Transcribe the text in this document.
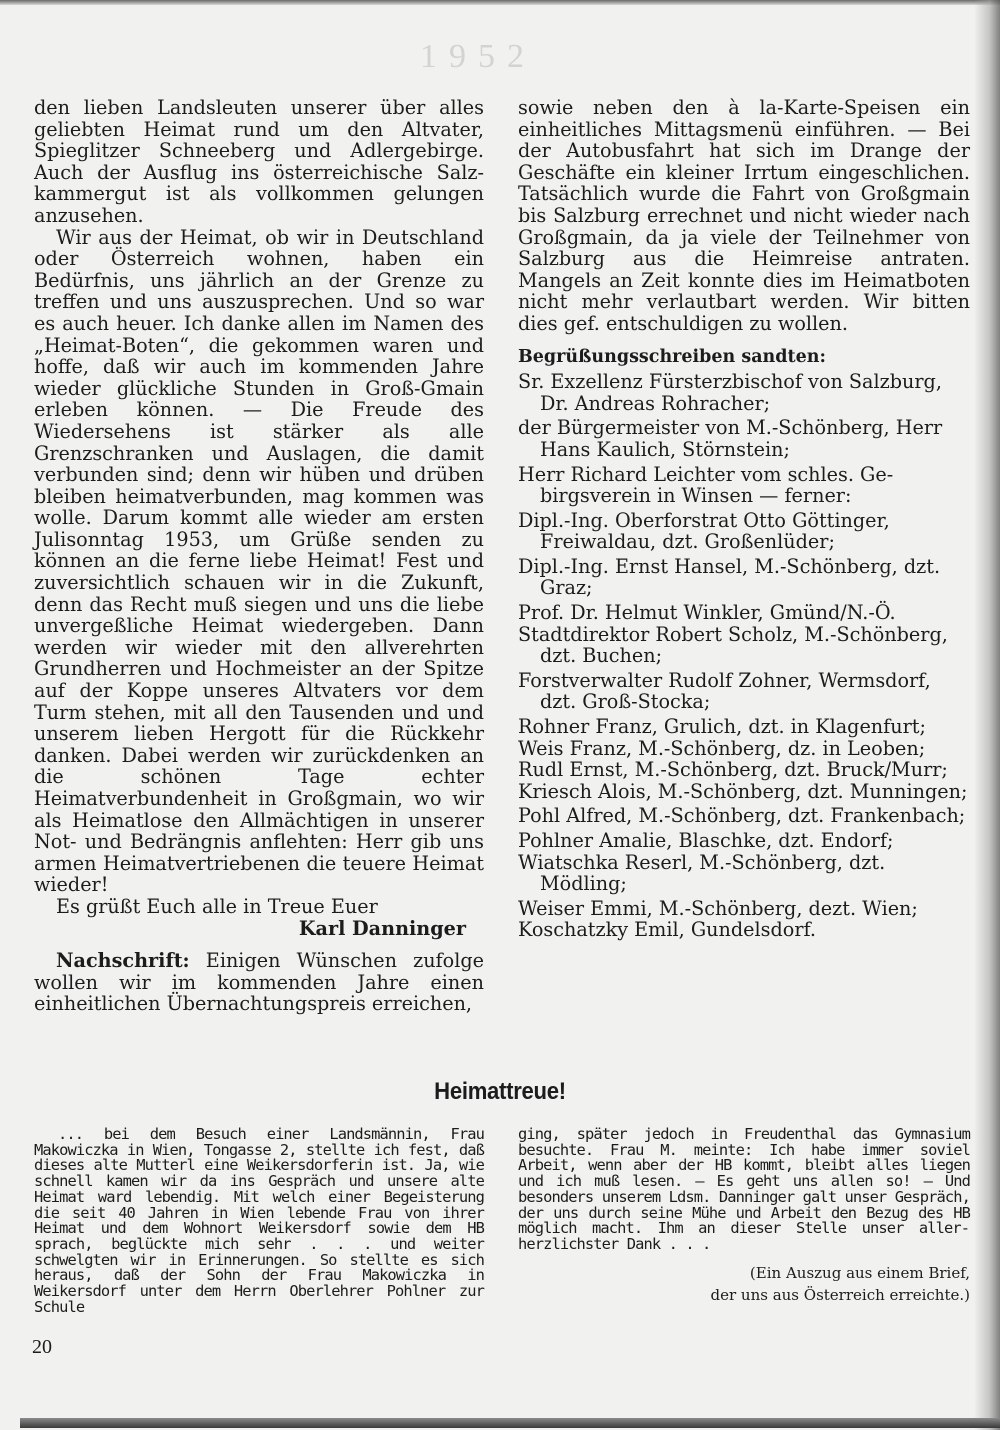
1952

den lieben Landsleuten unserer über alles geliebten Heimat rund um den Altvater, Spieglitzer Schneeberg und Adlergebirge. Auch der Ausflug ins österreichische Salzkammergut ist als vollkommen gelungen anzusehen.

Wir aus der Heimat, ob wir in Deutschland oder Österreich wohnen, haben ein Bedürfnis, uns jährlich an der Grenze zu treffen und uns auszusprechen. Und so war es auch heuer. Ich danke allen im Namen des „Heimat-Boten“, die gekommen waren und hoffe, daß wir auch im kommenden Jahre wieder glückliche Stunden in Groß-Gmain erleben können. — Die Freude des Wiedersehens ist stärker als alle Grenzschranken und Auslagen, die damit verbunden sind; denn wir hüben und drüben bleiben heimatverbunden, mag kommen was wolle. Darum kommt alle wieder am ersten Julisonntag 1953, um Grüße senden zu können an die ferne liebe Heimat! Fest und zuversichtlich schauen wir in die Zukunft, denn das Recht muß siegen und uns die liebe unvergeßliche Heimat wiedergeben. Dann werden wir wieder mit den allverehrten Grundherren und Hochmeister an der Spitze auf der Koppe unseres Altvaters vor dem Turm stehen, mit all den Tausenden und und unserem lieben Hergott für die Rückkehr danken. Dabei werden wir zurückdenken an die schönen Tage echter Heimatverbundenheit in Großgmain, wo wir als Heimatlose den Allmächtigen in unserer Not- und Bedrängnis anflehten: Herr gib uns armen Heimatvertriebenen die teuere Heimat wieder!

Es grüßt Euch alle in Treue Euer

Karl Danninger

Nachschrift: Einigen Wünschen zufolge wollen wir im kommenden Jahre einen einheitlichen Übernachtungspreis erreichen,

sowie neben den à la-Karte-Speisen ein einheitliches Mittagsmenü einführen. — Bei der Autobusfahrt hat sich im Drange der Geschäfte ein kleiner Irrtum eingeschlichen. Tatsächlich wurde die Fahrt von Großgmain bis Salzburg errechnet und nicht wieder nach Großgmain, da ja viele der Teilnehmer von Salzburg aus die Heimreise antraten. Mangels an Zeit konnte dies im Heimatboten nicht mehr verlautbart werden. Wir bitten dies gef. entschuldigen zu wollen.

Begrüßungsschreiben sandten:

Sr. Exzellenz Fürsterzbischof von Salzburg, Dr. Andreas Rohracher;

der Bürgermeister von M.-Schönberg, Herr Hans Kaulich, Störnstein;

Herr Richard Leichter vom schles. Gebirgsverein in Winsen — ferner:

Dipl.-Ing. Oberforstrat Otto Göttinger, Freiwaldau, dzt. Großenlüder;

Dipl.-Ing. Ernst Hansel, M.-Schönberg, dzt. Graz;

Prof. Dr. Helmut Winkler, Gmünd/N.-Ö.

Stadtdirektor Robert Scholz, M.-Schönberg, dzt. Buchen;

Forstverwalter Rudolf Zohner, Wermsdorf, dzt. Groß-Stocka;

Rohner Franz, Grulich, dzt. in Klagenfurt;

Weis Franz, M.-Schönberg, dz. in Leoben;

Rudl Ernst, M.-Schönberg, dzt. Bruck/Murr;

Kriesch Alois, M.-Schönberg, dzt. Munningen;

Pohl Alfred, M.-Schönberg, dzt. Frankenbach;

Pohlner Amalie, Blaschke, dzt. Endorf;

Wiatschka Reserl, M.-Schönberg, dzt. Mödling;

Weiser Emmi, M.-Schönberg, dezt. Wien;

Koschatzky Emil, Gundelsdorf.

Heimattreue!

... bei dem Besuch einer Landsmännin, Frau Makowiczka in Wien, Tongasse 2, stellte ich fest, daß dieses alte Mutterl eine Weikersdorferin ist. Ja, wie schnell kamen wir da ins Gespräch und unsere alte Heimat ward lebendig. Mit welch einer Begeisterung die seit 40 Jahren in Wien lebende Frau von ihrer Heimat und dem Wohnort Weikersdorf sowie dem HB sprach, beglückte mich sehr . . . und weiter schwelgten wir in Erinnerungen. So stellte es sich heraus, daß der Sohn der Frau Makowiczka in Weikersdorf unter dem Herrn Oberlehrer Pohlner zur Schule

ging, später jedoch in Freudenthal das Gymnasium besuchte. Frau M. meinte: Ich habe immer soviel Arbeit, wenn aber der HB kommt, bleibt alles liegen und ich muß lesen. — Es geht uns allen so! — Und besonders unserem Ldsm. Danninger galt unser Gespräch, der uns durch seine Mühe und Arbeit den Bezug des HB möglich macht. Ihm an dieser Stelle unser allerherzlichster Dank . . .

(Ein Auszug aus einem Brief,
der uns aus Österreich erreichte.)

20
